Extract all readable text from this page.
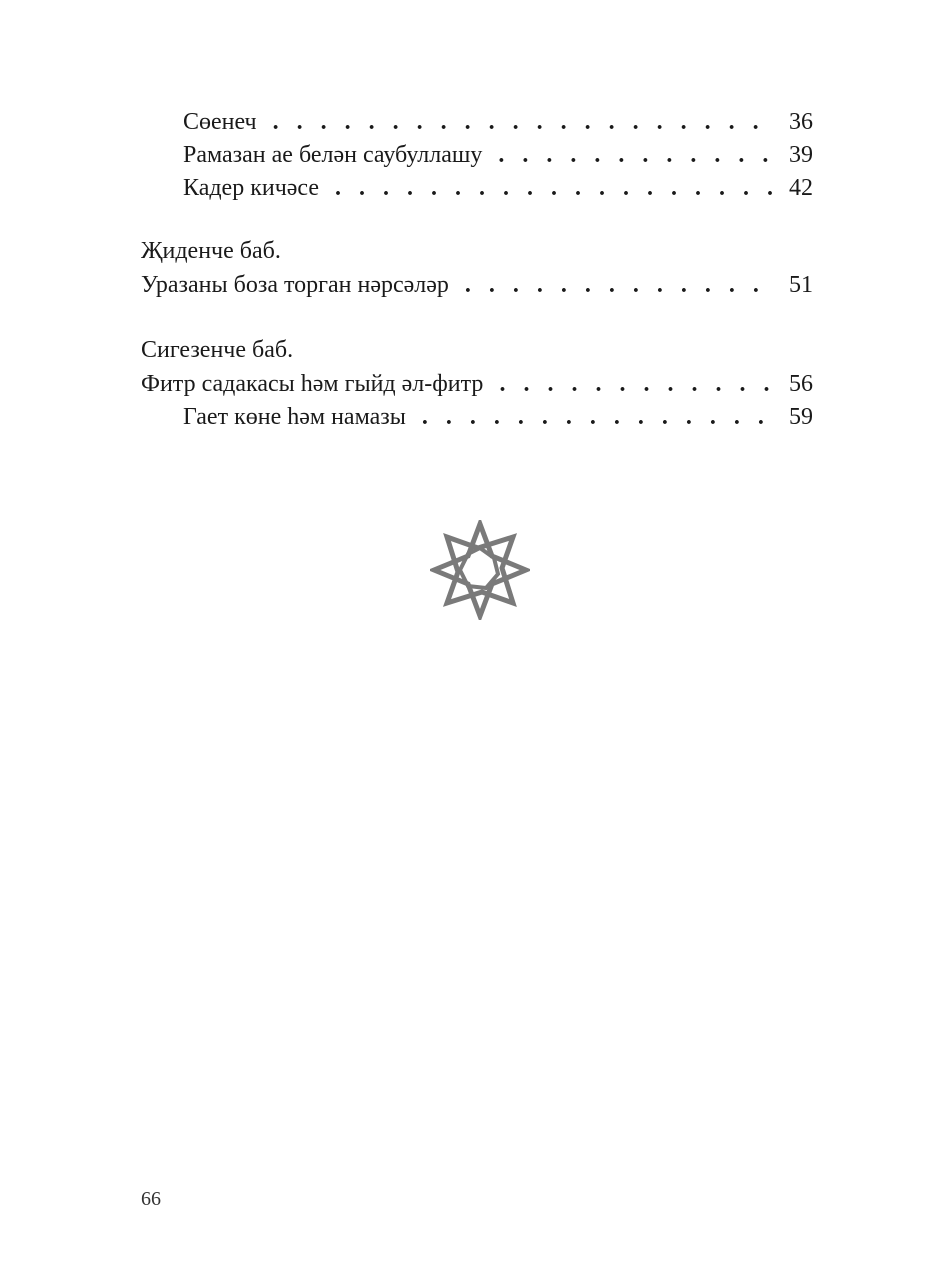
Сөенеч . . .	36
Рамазан ае белән саубуллашу . . .	39
Кадер кичәсе . . .	42
Җиденче баб.
Уразаны боза торган нәрсәләр . . .	51
Сигезенче баб.
Фитр садакасы һәм гыйд әл-фитр . . .	56
Гает көне һәм намазы . . .	59
66
